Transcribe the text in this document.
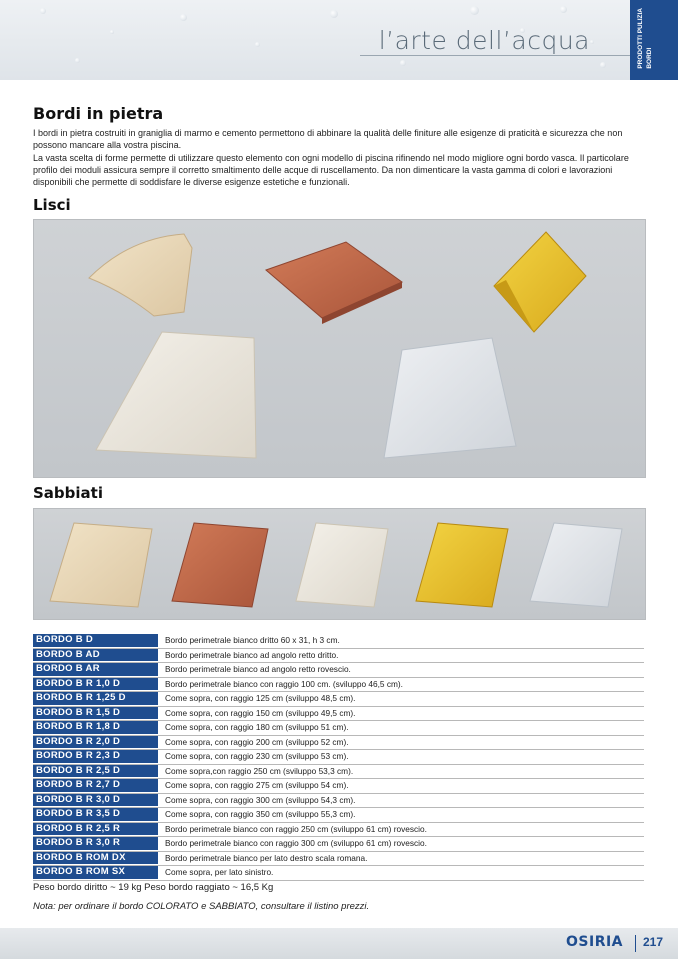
l’arte dell’acqua	PRODOTTI PULIZIA BORDI
Bordi in pietra

I bordi in pietra costruiti in graniglia di marmo e cemento permettono di abbinare la qualità delle finiture alle esigenze di praticità e sicurezza che non possono mancare alla vostra piscina.

La vasta scelta di forme permette di utilizzare questo elemento con ogni modello di piscina rifinendo nel modo migliore ogni bordo vasca. Il particolare profilo dei moduli assicura sempre il corretto smaltimento delle acque di ruscellamento. Da non dimenticare la vasta gamma di colori e lavorazioni disponibili che permette di soddisfare le diverse esigenze estetiche e funzionali.

Lisci
Sabbiati
BORDO B D	Bordo perimetrale bianco dritto 60 x 31, h 3 cm.
BORDO B AD	Bordo perimetrale bianco ad angolo retto dritto.
BORDO B AR	Bordo perimetrale bianco ad angolo retto rovescio.
BORDO B R 1,0 D	Bordo perimetrale bianco con raggio 100 cm. (sviluppo 46,5 cm).
BORDO B R 1,25 D	Come sopra, con raggio 125 cm (sviluppo 48,5 cm).
BORDO B R 1,5 D	Come sopra, con raggio 150 cm (sviluppo 49,5 cm).
BORDO B R 1,8 D	Come sopra, con raggio 180 cm (sviluppo 51 cm).
BORDO B R 2,0 D	Come sopra, con raggio 200 cm (sviluppo 52 cm).
BORDO B R 2,3 D	Come sopra, con raggio 230 cm (sviluppo 53 cm).
BORDO B R 2,5 D	Come sopra,con raggio 250 cm (sviluppo 53,3 cm).
BORDO B R 2,7 D	Come sopra, con raggio 275 cm (sviluppo 54 cm).
BORDO B R 3,0 D	Come sopra, con raggio 300 cm (sviluppo 54,3 cm).
BORDO B R 3,5 D	Come sopra, con raggio 350 cm (sviluppo 55,3 cm).
BORDO B R 2,5 R	Bordo perimetrale bianco con raggio 250 cm (sviluppo 61 cm) rovescio.
BORDO B R 3,0 R	Bordo perimetrale bianco con raggio 300 cm (sviluppo 61 cm) rovescio.
BORDO B ROM DX	Bordo perimetrale bianco per lato destro scala romana.
BORDO B ROM SX	Come sopra, per lato sinistro.
Peso bordo diritto ~ 19 kg Peso bordo raggiato ~ 16,5 Kg
Nota: per ordinare il bordo COLORATO e SABBIATO, consultare il listino prezzi.
OSIRIA 217
